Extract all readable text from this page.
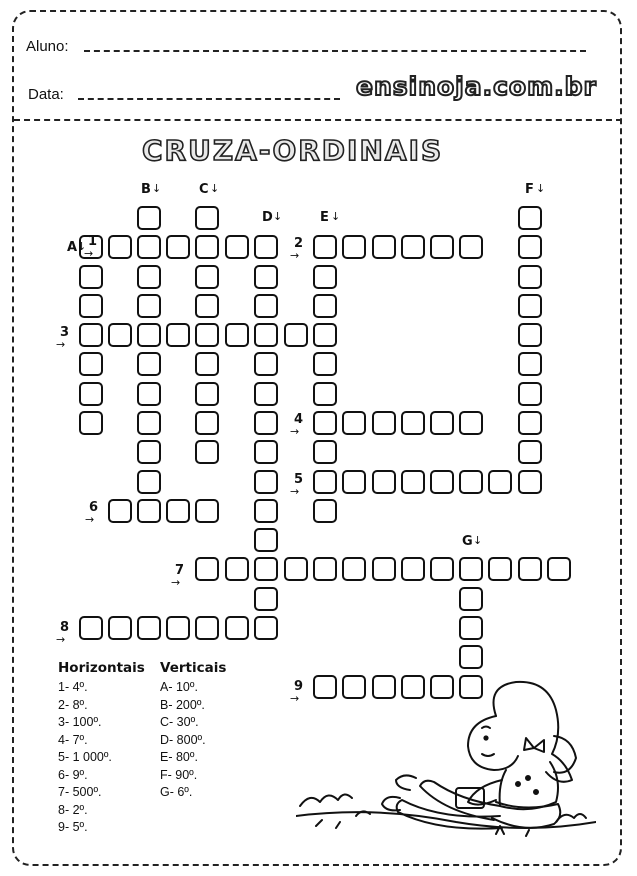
Aluno:
Data:	ensinoja.com.br
CRUZA-ORDINAIS
B ↓	C ↓
D ↓	E ↓
F ↓
G ↓
A ↓ 1
→
2
→
3
→
4
→
5
→
6
→
7
→
8
→
9
→
Horizontais
1- 4º.
2- 8º.
3- 100º.
4- 7º.
5- 1 000º.
6- 9º.
7- 500º.
8- 2º.
9- 5º.
Verticais
A- 10º.
B- 200º.
C- 30º.
D- 800º.
E- 80º.
F- 90º.
G- 6º.
